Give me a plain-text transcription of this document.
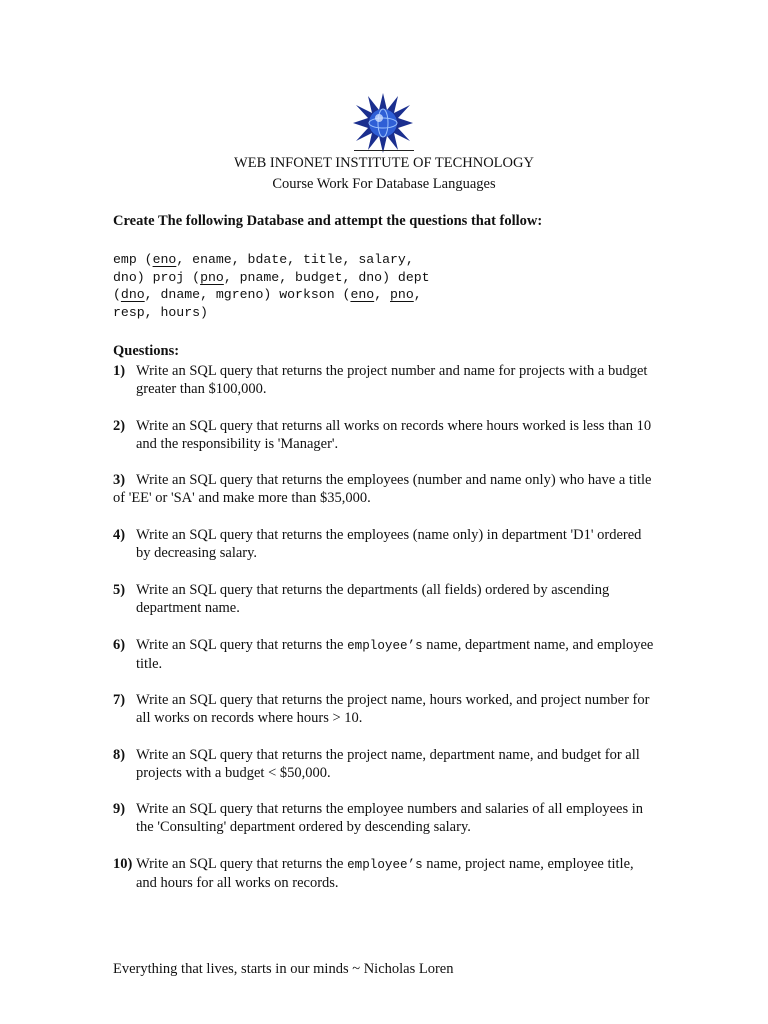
WEB INFONET INSTITUTE OF TECHNOLOGY
Course Work For Database Languages
Create The following Database and attempt the questions that follow:
emp (eno, ename, bdate, title, salary,
dno) proj (pno, pname, budget, dno) dept
(dno, dname, mgreno) workson (eno, pno,
resp, hours)
Questions:
1) Write an SQL query that returns the project number and name for projects with a budget greater than $100,000.
2) Write an SQL query that returns all works on records where hours worked is less than 10 and the responsibility is 'Manager'.
3) Write an SQL query that returns the employees (number and name only) who have a title of 'EE' or 'SA' and make more than $35,000.
4) Write an SQL query that returns the employees (name only) in department 'D1' ordered by decreasing salary.
5) Write an SQL query that returns the departments (all fields) ordered by ascending department name.
6) Write an SQL query that returns the employee’s name, department name, and employee title.
7) Write an SQL query that returns the project name, hours worked, and project number for all works on records where hours > 10.
8) Write an SQL query that returns the project name, department name, and budget for all projects with a budget < $50,000.
9) Write an SQL query that returns the employee numbers and salaries of all employees in the 'Consulting' department ordered by descending salary.
10) Write an SQL query that returns the employee’s name, project name, employee title, and hours for all works on records.
Everything that lives, starts in our minds ~ Nicholas Loren
